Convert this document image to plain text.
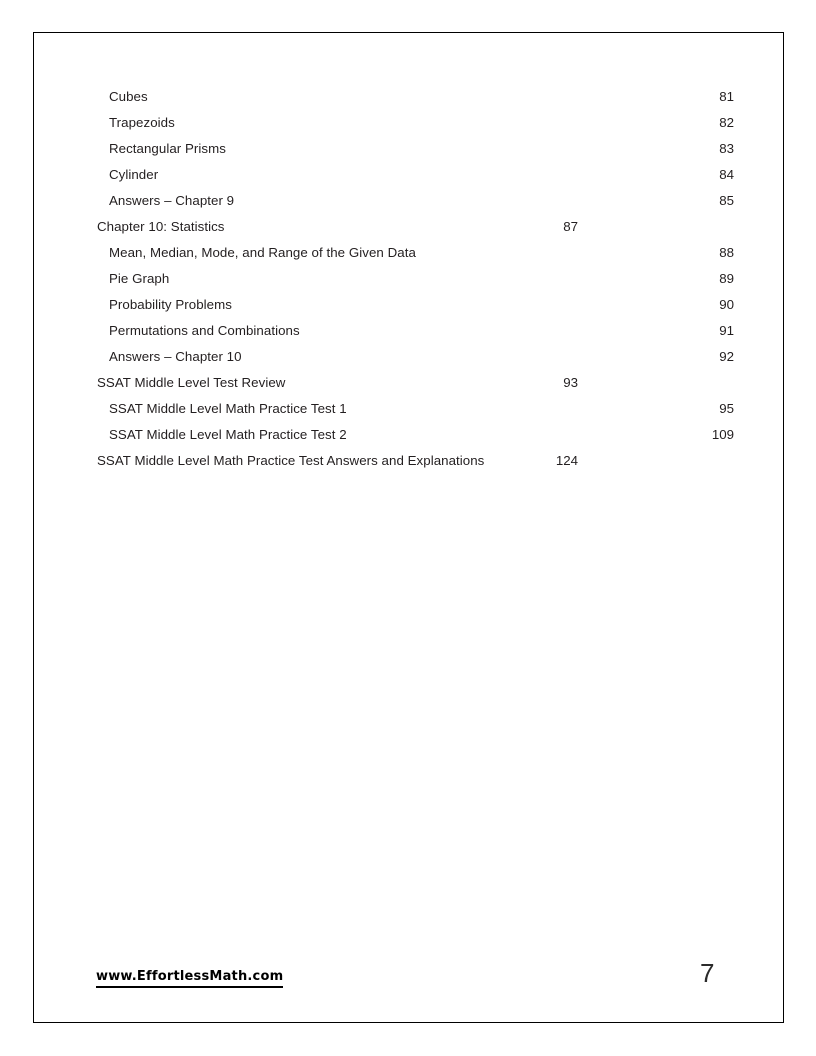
Cubes	81
Trapezoids	82
Rectangular Prisms	83
Cylinder	84
Answers – Chapter 9	85
Chapter 10: Statistics	87
Mean, Median, Mode, and Range of the Given Data	88
Pie Graph	89
Probability Problems	90
Permutations and Combinations	91
Answers – Chapter 10	92
SSAT Middle Level Test Review	93
SSAT Middle Level Math Practice Test 1	95
SSAT Middle Level Math Practice Test 2	109
SSAT Middle Level Math Practice Test Answers and Explanations	124
www.EffortlessMath.com	7
